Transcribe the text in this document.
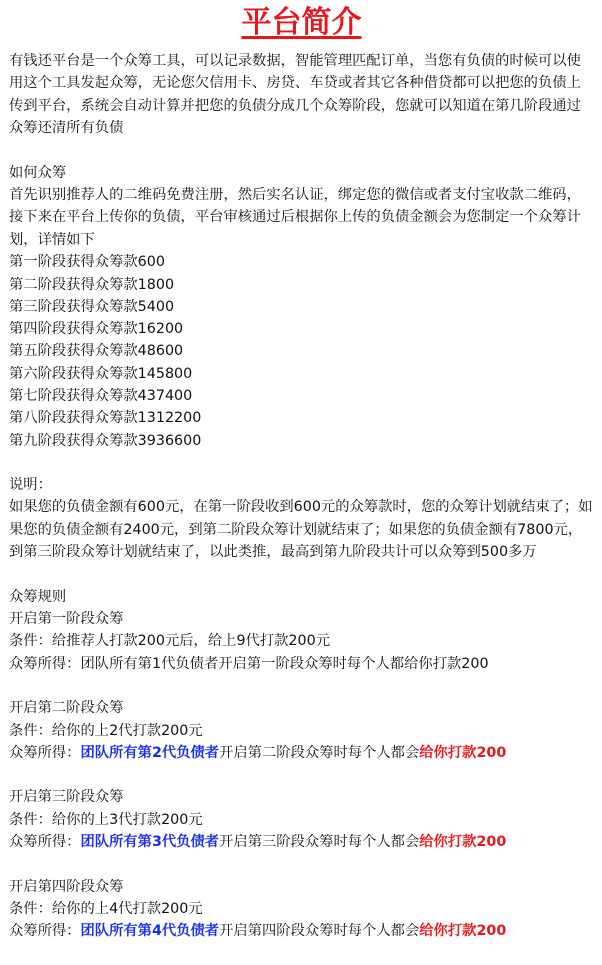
平台简介

有钱还平台是一个众筹工具，可以记录数据，智能管理匹配订单，当您有负债的时候可以使用这个工具发起众筹，无论您欠信用卡、房贷、车贷或者其它各种借贷都可以把您的负债上传到平台，系统会自动计算并把您的负债分成几个众筹阶段，您就可以知道在第几阶段通过众筹还清所有负债

如何众筹

首先识别推荐人的二维码免费注册，然后实名认证，绑定您的微信或者支付宝收款二维码，接下来在平台上传你的负债，平台审核通过后根据你上传的负债金额会为您制定一个众筹计划，详情如下

第一阶段获得众筹款600

第二阶段获得众筹款1800

第三阶段获得众筹款5400

第四阶段获得众筹款16200

第五阶段获得众筹款48600

第六阶段获得众筹款145800

第七阶段获得众筹款437400

第八阶段获得众筹款1312200

第九阶段获得众筹款3936600

说明：

如果您的负债金额有600元，在第一阶段收到600元的众筹款时，您的众筹计划就结束了；如果您的负债金额有2400元，到第二阶段众筹计划就结束了；如果您的负债金额有7800元，到第三阶段众筹计划就结束了，以此类推，最高到第九阶段共计可以众筹到500多万

众筹规则

开启第一阶段众筹

条件：给推荐人打款200元后，给上9代打款200元

众筹所得：团队所有第1代负债者开启第一阶段众筹时每个人都给你打款200

开启第二阶段众筹

条件：给你的上2代打款200元

众筹所得：团队所有第2代负债者开启第二阶段众筹时每个人都会给你打款200

开启第三阶段众筹

条件：给你的上3代打款200元

众筹所得：团队所有第3代负债者开启第三阶段众筹时每个人都会给你打款200

开启第四阶段众筹

条件：给你的上4代打款200元

众筹所得：团队所有第4代负债者开启第四阶段众筹时每个人都会给你打款200
